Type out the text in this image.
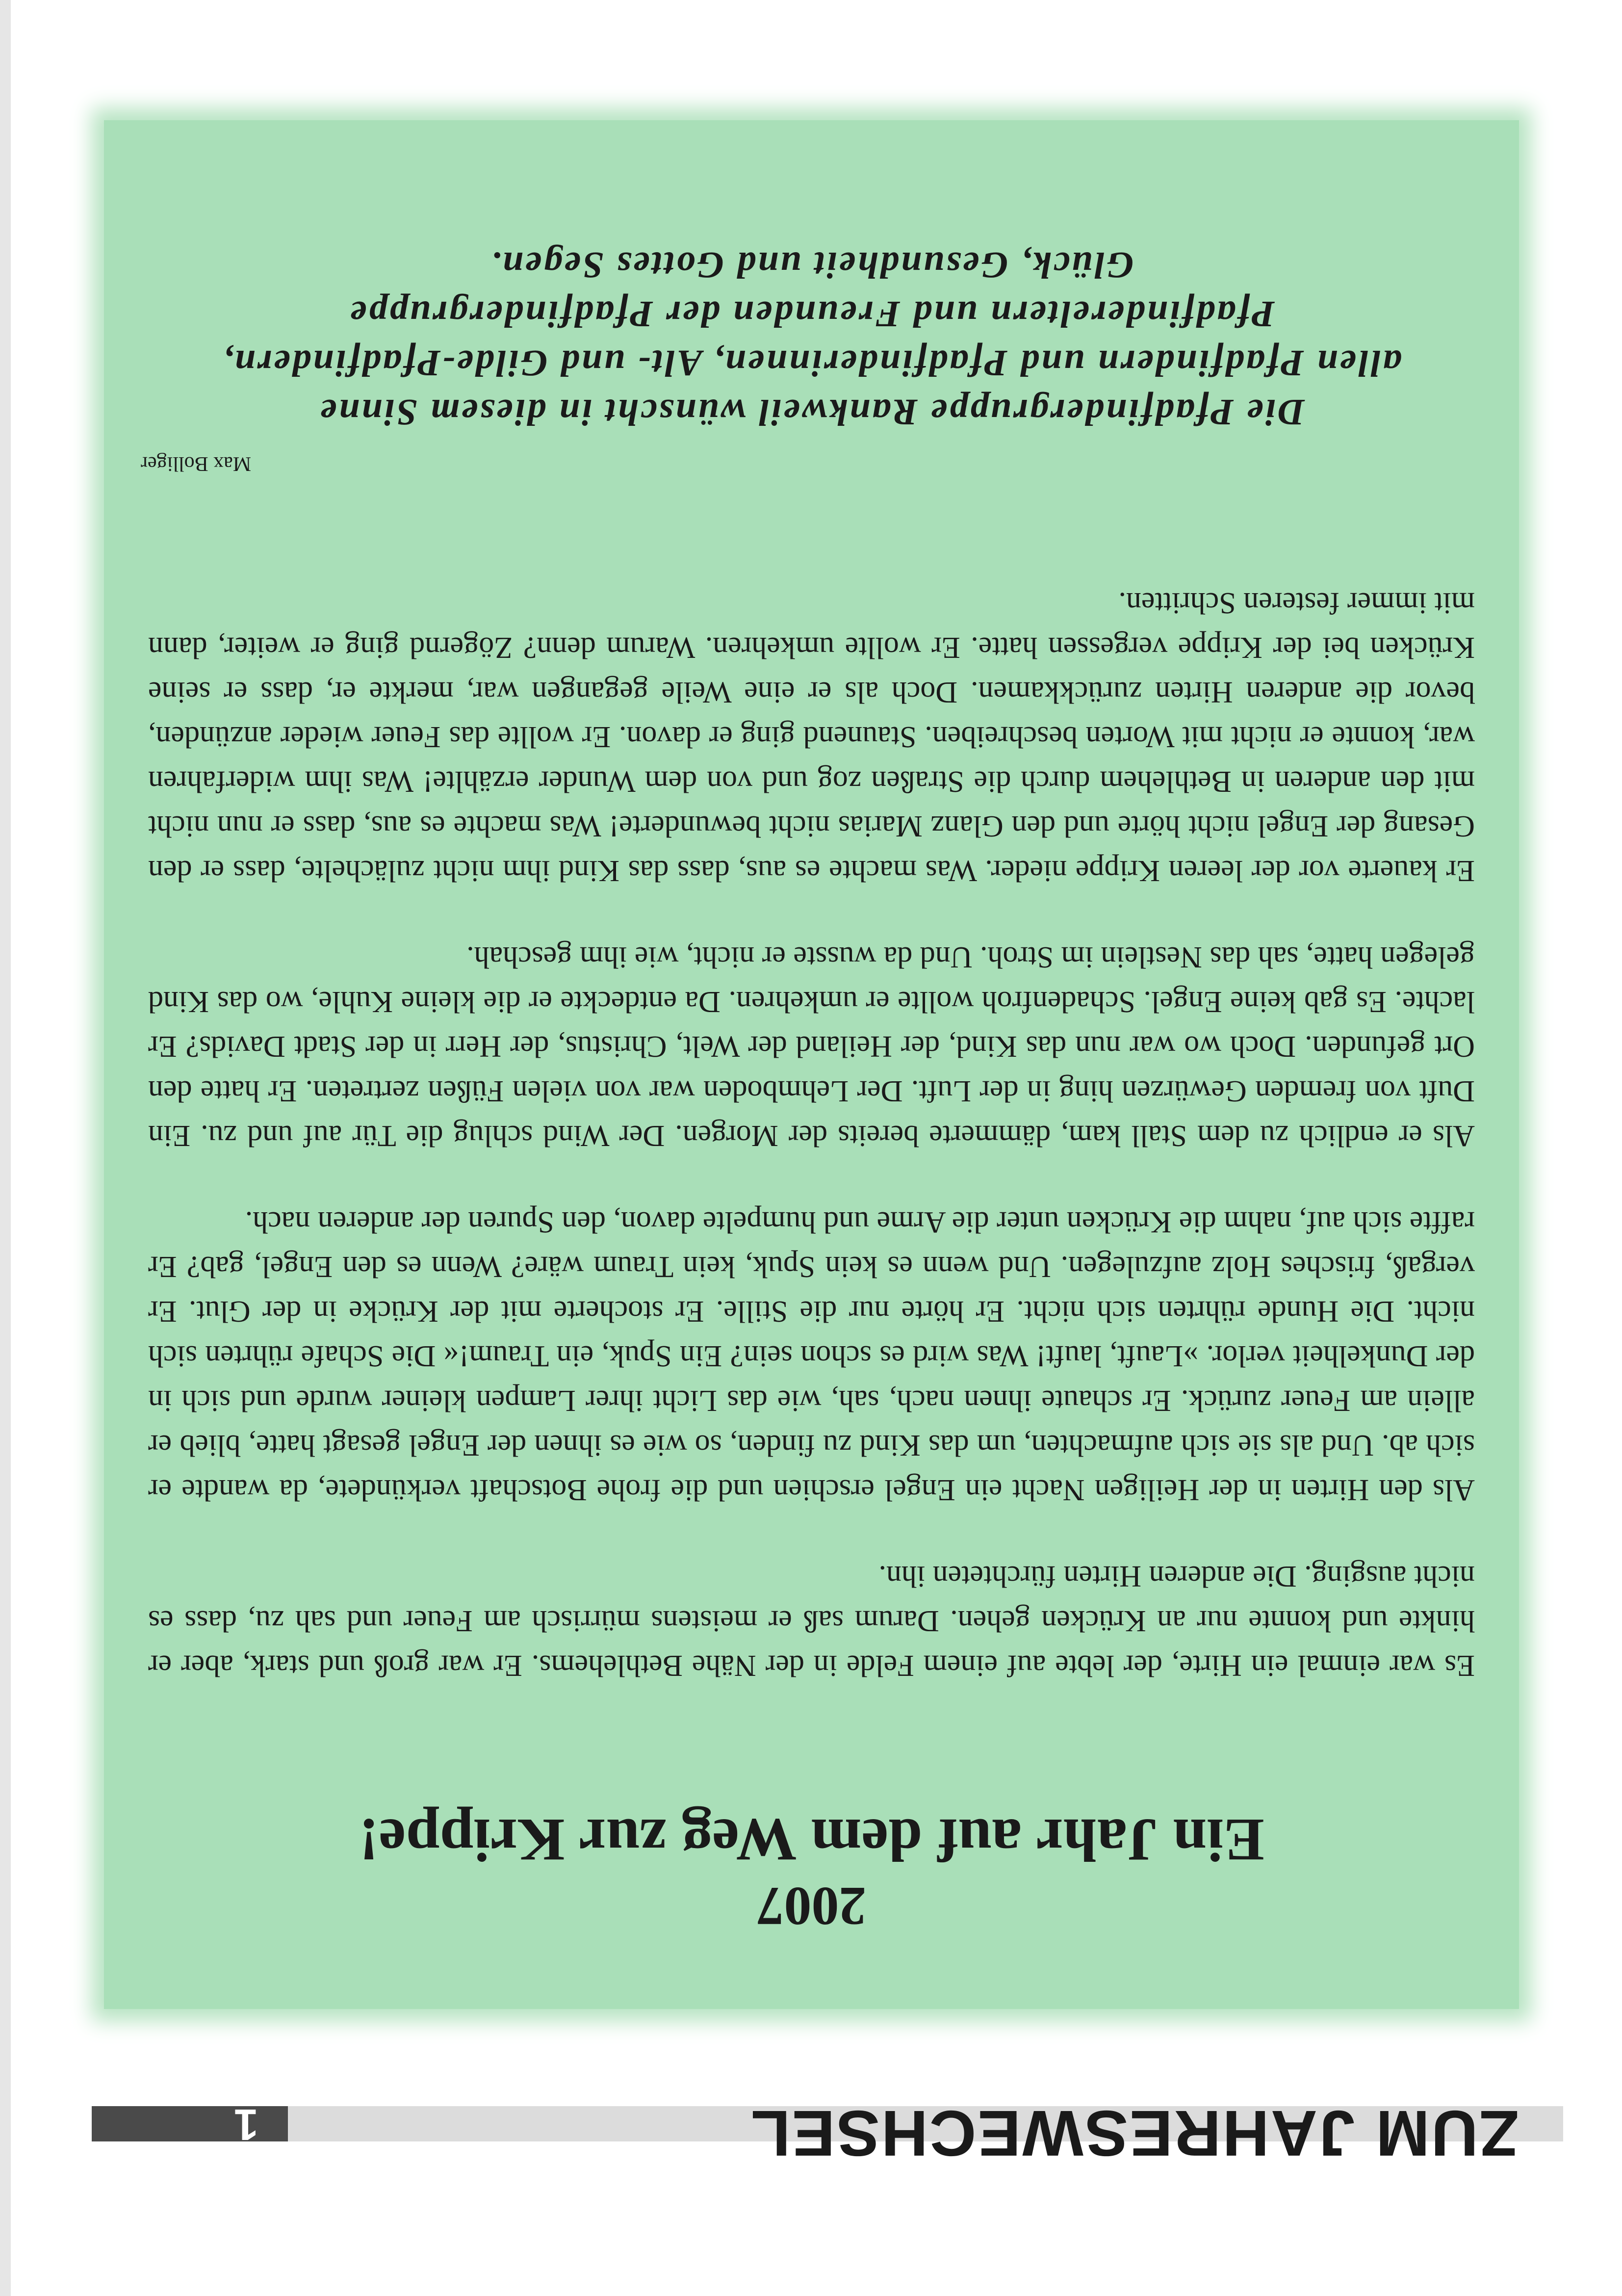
1	ZUM JAHRESWECHSEL
2007
Ein Jahr auf dem Weg zur Krippe!

Es war einmal ein Hirte, der lebte auf einem Felde in der Nähe Bethlehems. Er war groß und stark, aber er hinkte und konnte nur an Krücken gehen. Darum saß er meistens mürrisch am Feuer und sah zu, dass es nicht ausging. Die anderen Hirten fürchteten ihn.

Als den Hirten in der Heiligen Nacht ein Engel erschien und die frohe Botschaft verkündete, da wandte er sich ab. Und als sie sich aufmachten, um das Kind zu finden, so wie es ihnen der Engel gesagt hatte, blieb er allein am Feuer zurück. Er schaute ihnen nach, sah, wie das Licht ihrer Lampen kleiner wurde und sich in der Dunkelheit verlor. »Lauft, lauft! Was wird es schon sein? Ein Spuk, ein Traum!« Die Schafe rührten sich nicht. Die Hunde rührten sich nicht. Er hörte nur die Stille. Er stocherte mit der Krücke in der Glut. Er vergaß, frisches Holz aufzulegen. Und wenn es kein Spuk, kein Traum wäre? Wenn es den Engel, gab? Er raffte sich auf, nahm die Krücken unter die Arme und humpelte davon, den Spuren der anderen nach.

Als er endlich zu dem Stall kam, dämmerte bereits der Morgen. Der Wind schlug die Tür auf und zu. Ein Duft von fremden Gewürzen hing in der Luft. Der Lehmboden war von vielen Füßen zertreten. Er hatte den Ort gefunden. Doch wo war nun das Kind, der Heiland der Welt, Christus, der Herr in der Stadt Davids? Er lachte. Es gab keine Engel. Schadenfroh wollte er umkehren. Da entdeckte er die kleine Kuhle, wo das Kind gelegen hatte, sah das Nestlein im Stroh. Und da wusste er nicht, wie ihm geschah.

Er kauerte vor der leeren Krippe nieder. Was machte es aus, dass das Kind ihm nicht zulächelte, dass er den Gesang der Engel nicht hörte und den Glanz Marias nicht bewunderte! Was machte es aus, dass er nun nicht mit den anderen in Bethlehem durch die Straßen zog und von dem Wunder erzählte! Was ihm widerfahren war, konnte er nicht mit Worten beschreiben. Staunend ging er davon. Er wollte das Feuer wieder anzünden, bevor die anderen Hirten zurückkamen. Doch als er eine Weile gegangen war, merkte er, dass er seine Krücken bei der Krippe vergessen hatte. Er wollte umkehren. Warum denn? Zögernd ging er weiter, dann mit immer festeren Schritten.

Max Bolliger
Die Pfadfindergruppe Rankweil wünscht in diesem Sinne
allen Pfadfindern und Pfadfinderinnen, Alt- und Gilde-Pfadfindern,
Pfadfindereltern und Freunden der Pfadfindergruppe
Glück, Gesundheit und Gottes Segen.
